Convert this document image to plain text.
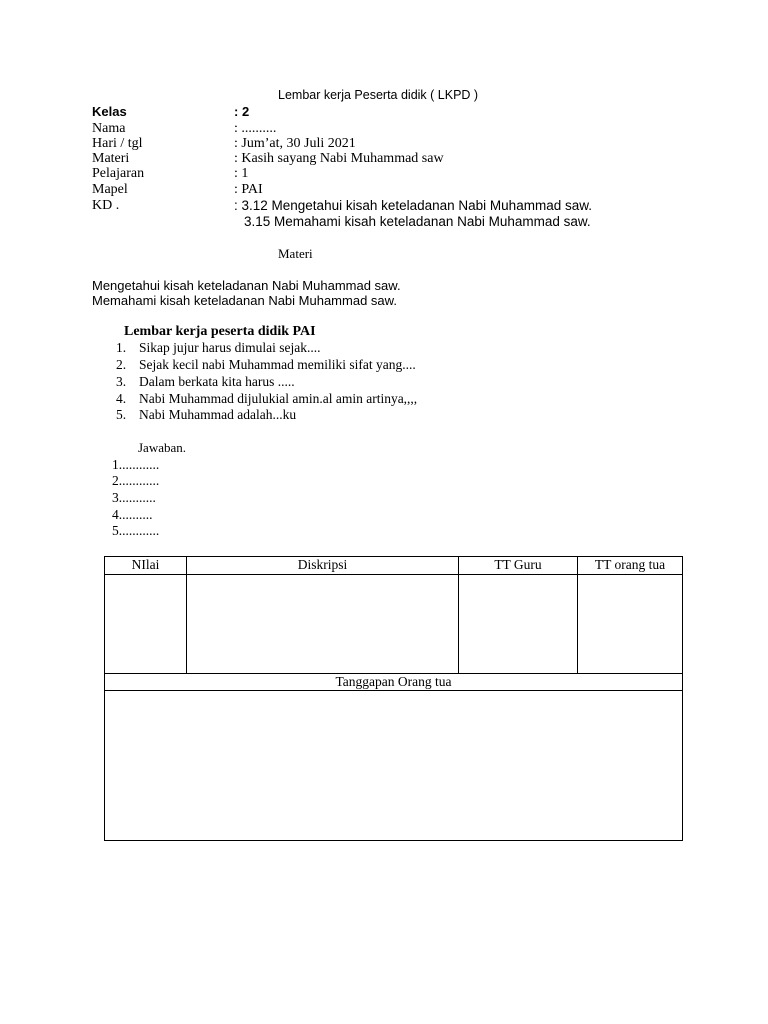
Lembar kerja Peserta didik ( LKPD )
Kelas	: 2
Nama	: ..........
Hari / tgl	: Jum’at, 30 Juli 2021
Materi	: Kasih sayang Nabi Muhammad saw
Pelajaran	: 1
Mapel	: PAI
KD .	: 3.12 Mengetahui kisah keteladanan Nabi Muhammad saw.
3.15 Memahami kisah keteladanan Nabi Muhammad saw.
Materi
Mengetahui kisah keteladanan Nabi Muhammad saw.
Memahami kisah keteladanan Nabi Muhammad saw.
Lembar kerja peserta didik PAI
1. Sikap jujur harus dimulai sejak....
2. Sejak kecil nabi Muhammad memiliki sifat yang....
3. Dalam berkata kita harus .....
4. Nabi Muhammad dijulukial amin.al amin artinya,,,,
5. Nabi Muhammad adalah...ku
Jawaban.
1............
2............
3...........
4..........
5............
NIlai	Diskripsi	TT Guru	TT orang tua

Tanggapan Orang tua			
